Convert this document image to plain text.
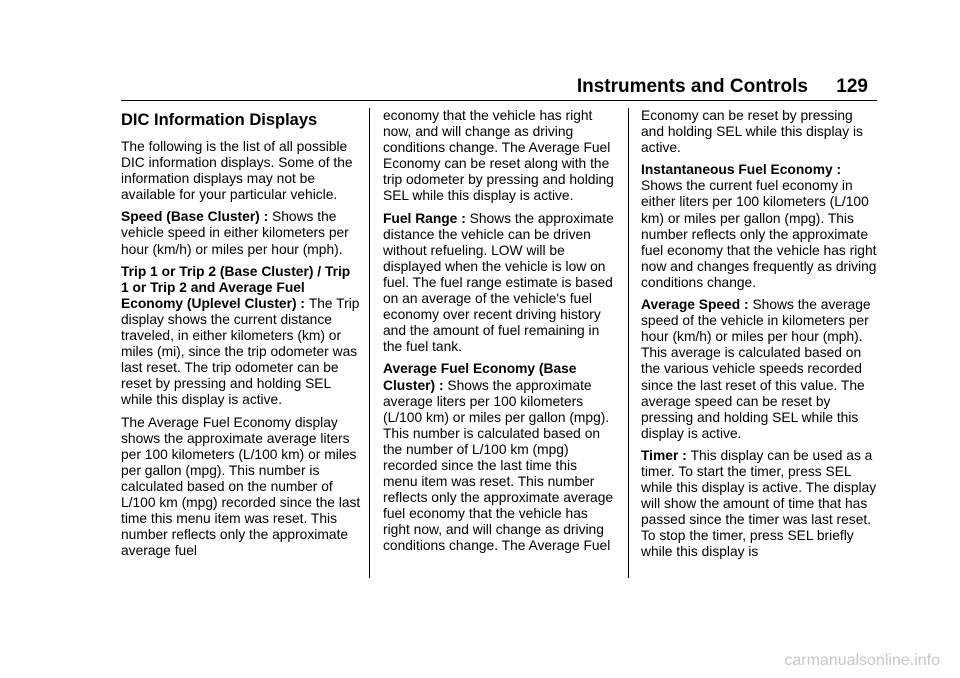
Instruments and Controls 129
DIC Information Displays

The following is the list of all possible DIC information displays. Some of the information displays may not be available for your particular vehicle.

Speed (Base Cluster) : Shows the vehicle speed in either kilometers per hour (km/h) or miles per hour (mph).

Trip 1 or Trip 2 (Base Cluster) / Trip 1 or Trip 2 and Average Fuel Economy (Uplevel Cluster) : The Trip display shows the current distance traveled, in either kilometers (km) or miles (mi), since the trip odometer was last reset. The trip odometer can be reset by pressing and holding SEL while this display is active.

The Average Fuel Economy display shows the approximate average liters per 100 kilometers (L/100 km) or miles per gallon (mpg). This number is calculated based on the number of L/100 km (mpg) recorded since the last time this menu item was reset. This number reflects only the approximate average fuel

economy that the vehicle has right now, and will change as driving conditions change. The Average Fuel Economy can be reset along with the trip odometer by pressing and holding SEL while this display is active.

Fuel Range : Shows the approximate distance the vehicle can be driven without refueling. LOW will be displayed when the vehicle is low on fuel. The fuel range estimate is based on an average of the vehicle's fuel economy over recent driving history and the amount of fuel remaining in the fuel tank.

Average Fuel Economy (Base Cluster) : Shows the approximate average liters per 100 kilometers (L/100 km) or miles per gallon (mpg). This number is calculated based on the number of L/100 km (mpg) recorded since the last time this menu item was reset. This number reflects only the approximate average fuel economy that the vehicle has right now, and will change as driving conditions change. The Average Fuel

Economy can be reset by pressing and holding SEL while this display is active.

Instantaneous Fuel Economy : Shows the current fuel economy in either liters per 100 kilometers (L/100 km) or miles per gallon (mpg). This number reflects only the approximate fuel economy that the vehicle has right now and changes frequently as driving conditions change.

Average Speed : Shows the average speed of the vehicle in kilometers per hour (km/h) or miles per hour (mph). This average is calculated based on the various vehicle speeds recorded since the last reset of this value. The average speed can be reset by pressing and holding SEL while this display is active.

Timer : This display can be used as a timer. To start the timer, press SEL while this display is active. The display will show the amount of time that has passed since the timer was last reset. To stop the timer, press SEL briefly while this display is

carmanualsonline.info
